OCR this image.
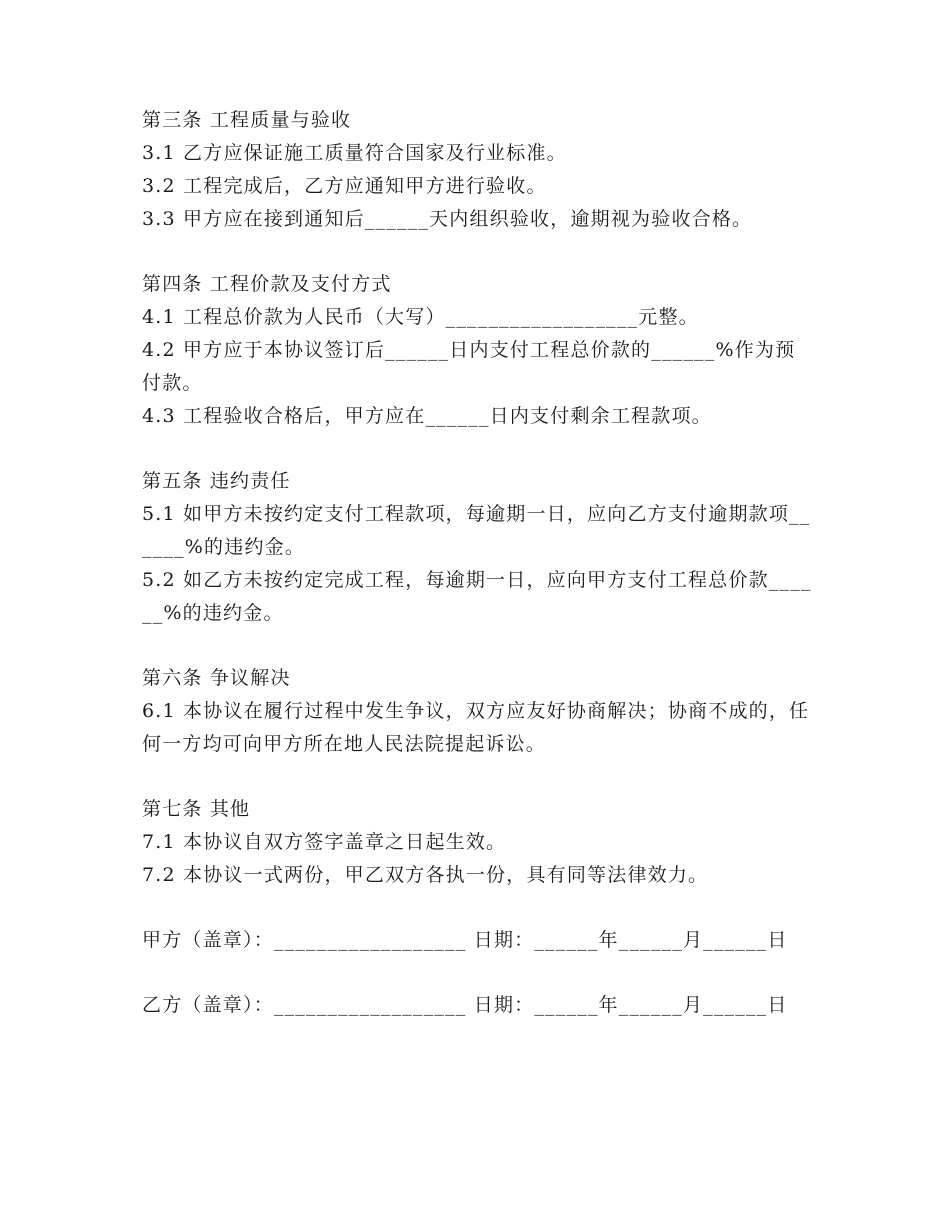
第三条 工程质量与验收
3.1 乙方应保证施工质量符合国家及行业标准。
3.2 工程完成后，乙方应通知甲方进行验收。
3.3 甲方应在接到通知后______天内组织验收，逾期视为验收合格。
第四条 工程价款及支付方式
4.1 工程总价款为人民币（大写）__________________元整。
4.2 甲方应于本协议签订后______日内支付工程总价款的______%作为预付款。
4.3 工程验收合格后，甲方应在______日内支付剩余工程款项。
第五条 违约责任
5.1 如甲方未按约定支付工程款项，每逾期一日，应向乙方支付逾期款项______%的违约金。
5.2 如乙方未按约定完成工程，每逾期一日，应向甲方支付工程总价款______%的违约金。
第六条 争议解决
6.1 本协议在履行过程中发生争议，双方应友好协商解决；协商不成的，任何一方均可向甲方所在地人民法院提起诉讼。
第七条 其他
7.1 本协议自双方签字盖章之日起生效。
7.2 本协议一式两份，甲乙双方各执一份，具有同等法律效力。
甲方（盖章）：__________________ 日期：______年______月______日
乙方（盖章）：__________________ 日期：______年______月______日
